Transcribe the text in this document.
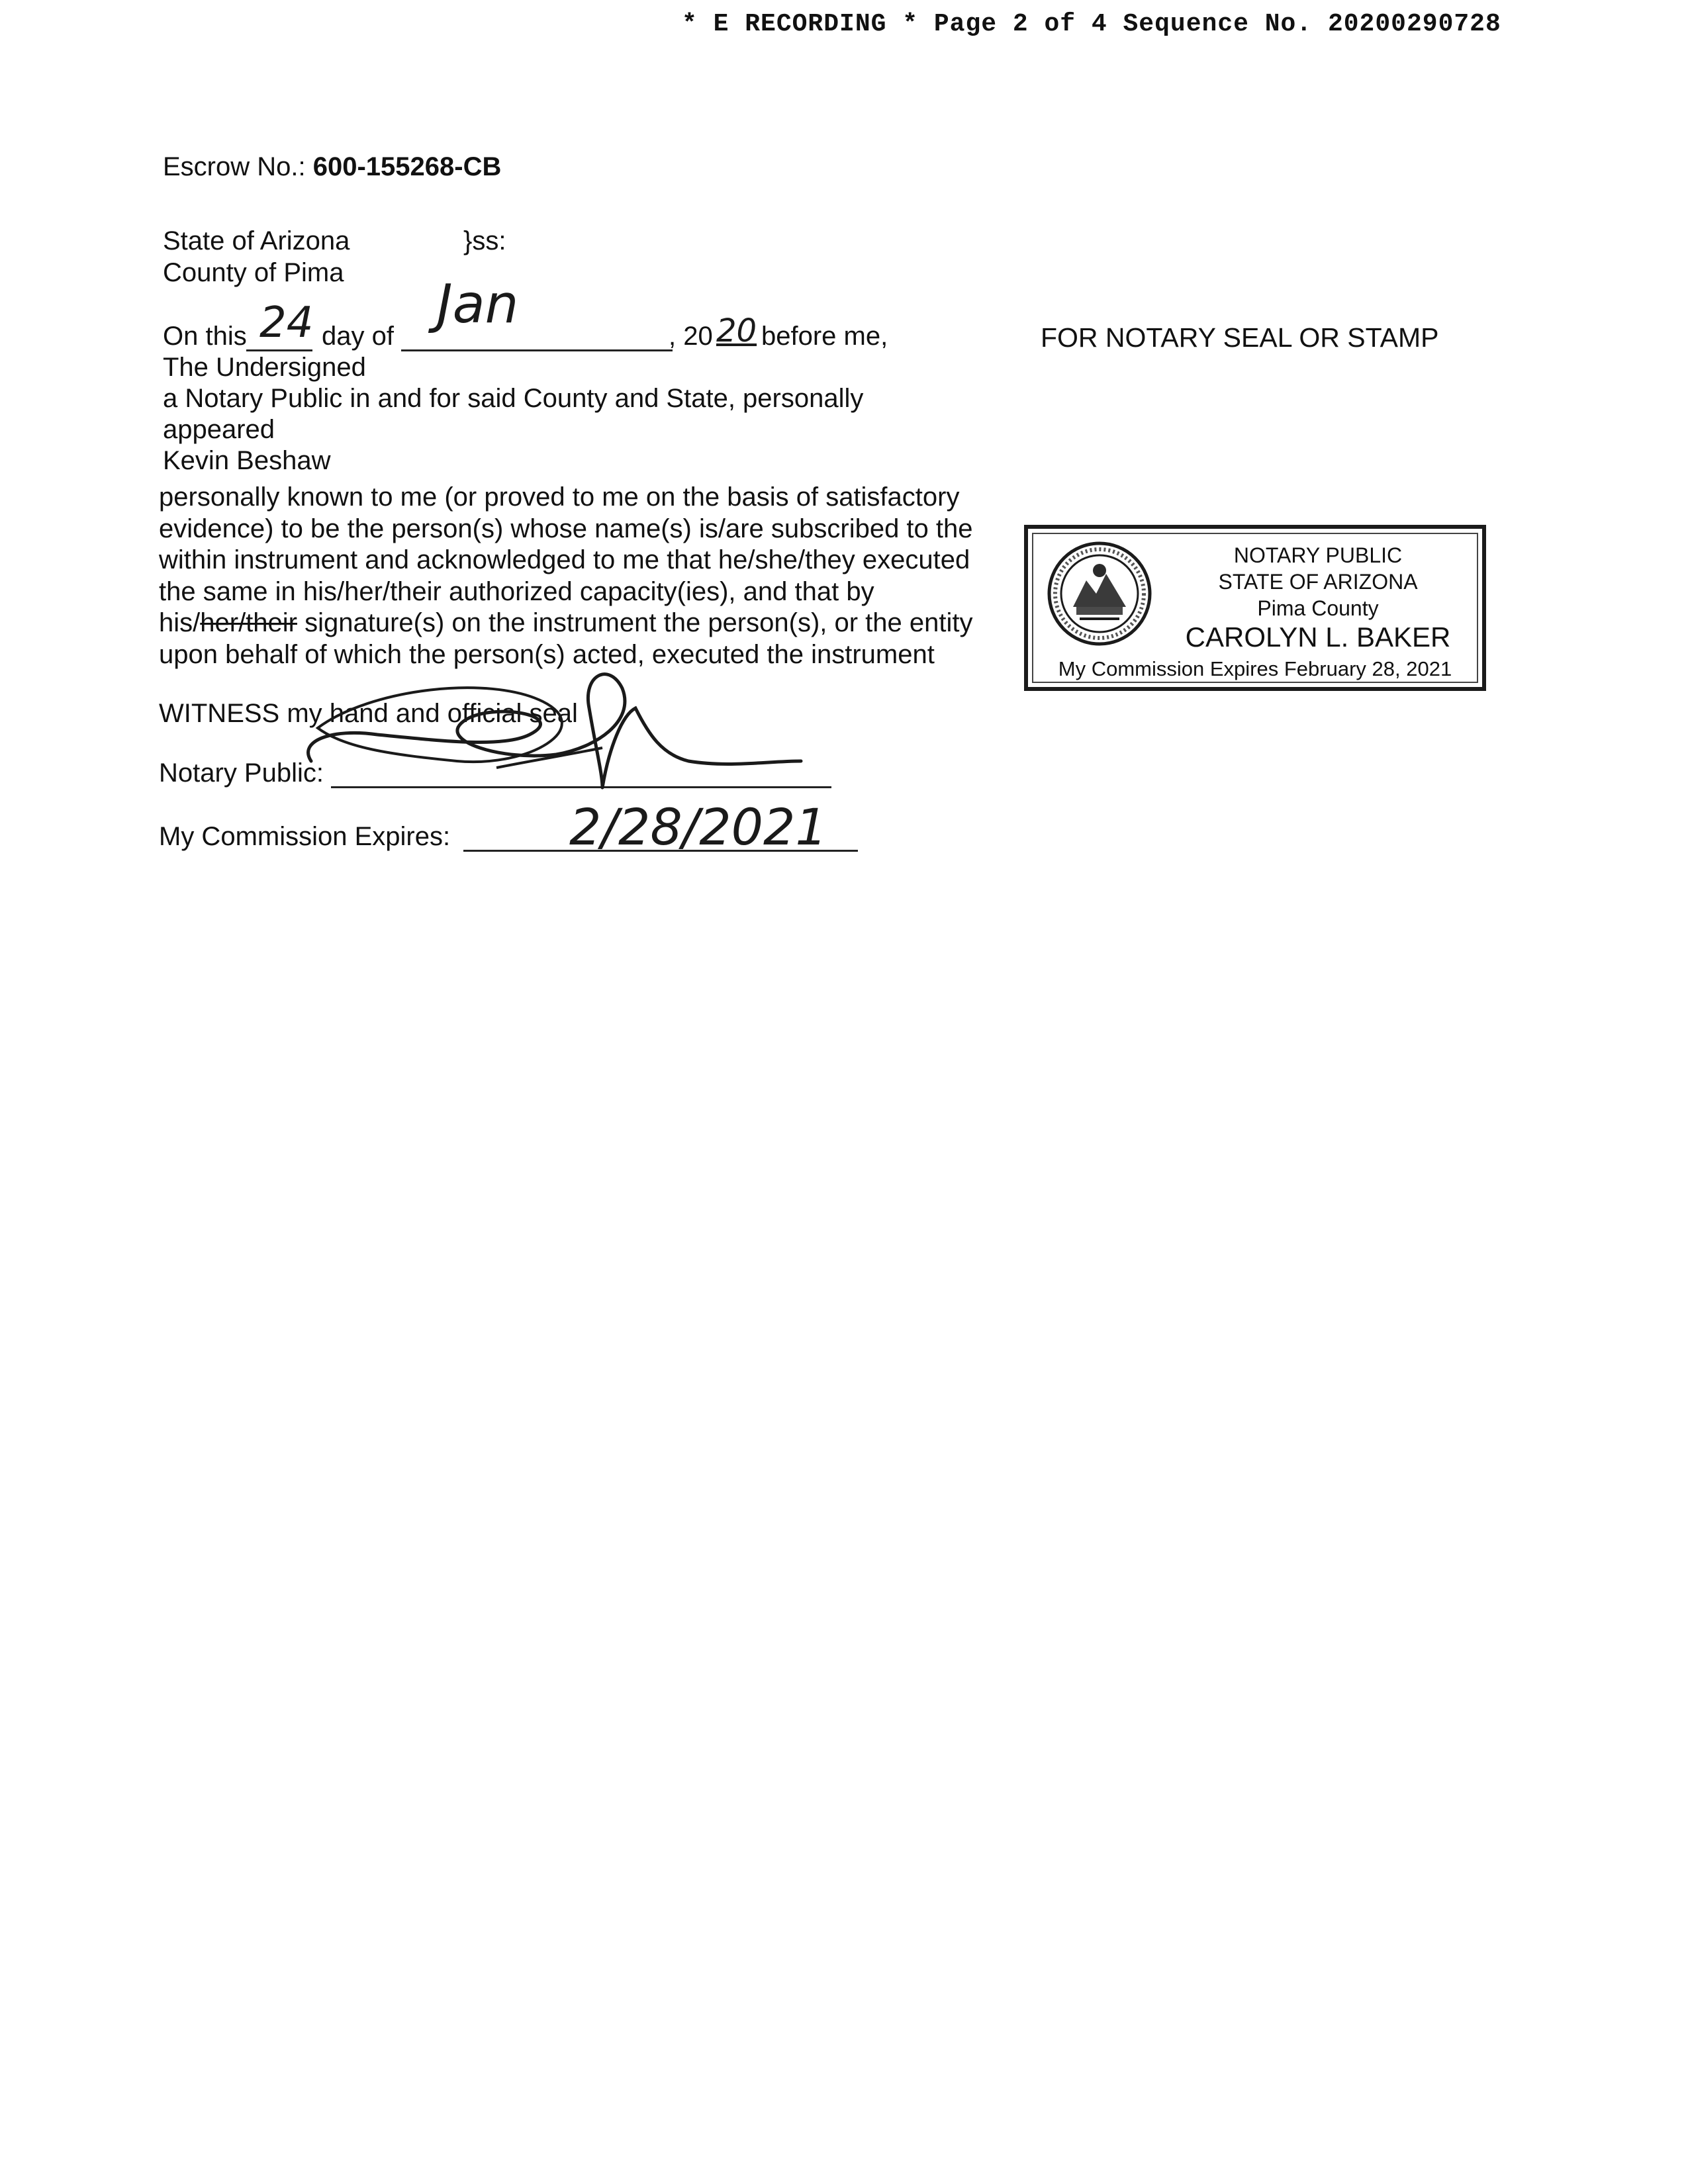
* E RECORDING * Page 2 of 4 Sequence No. 20200290728
Escrow No.: 600-155268-CB
State of Arizona	}ss:
County of Pima
On this 24 day of
Jan
, 20 20 before me,
The Undersigned
a Notary Public in and for said County and State, personally
appeared
Kevin Beshaw
personally known to me (or proved to me on the basis of satisfactory evidence) to be the person(s) whose name(s) is/are subscribed to the within instrument and acknowledged to me that he/she/they executed the same in his/her/their authorized capacity(ies), and that by his/her/their signature(s) on the instrument the person(s), or the entity upon behalf of which the person(s) acted, executed the instrument
WITNESS my hand and official seal
Notary Public:
My Commission Expires: 2/28/2021
FOR NOTARY SEAL OR STAMP
NOTARY PUBLIC
STATE OF ARIZONA
Pima County
CAROLYN L. BAKER
My Commission Expires February 28, 2021
